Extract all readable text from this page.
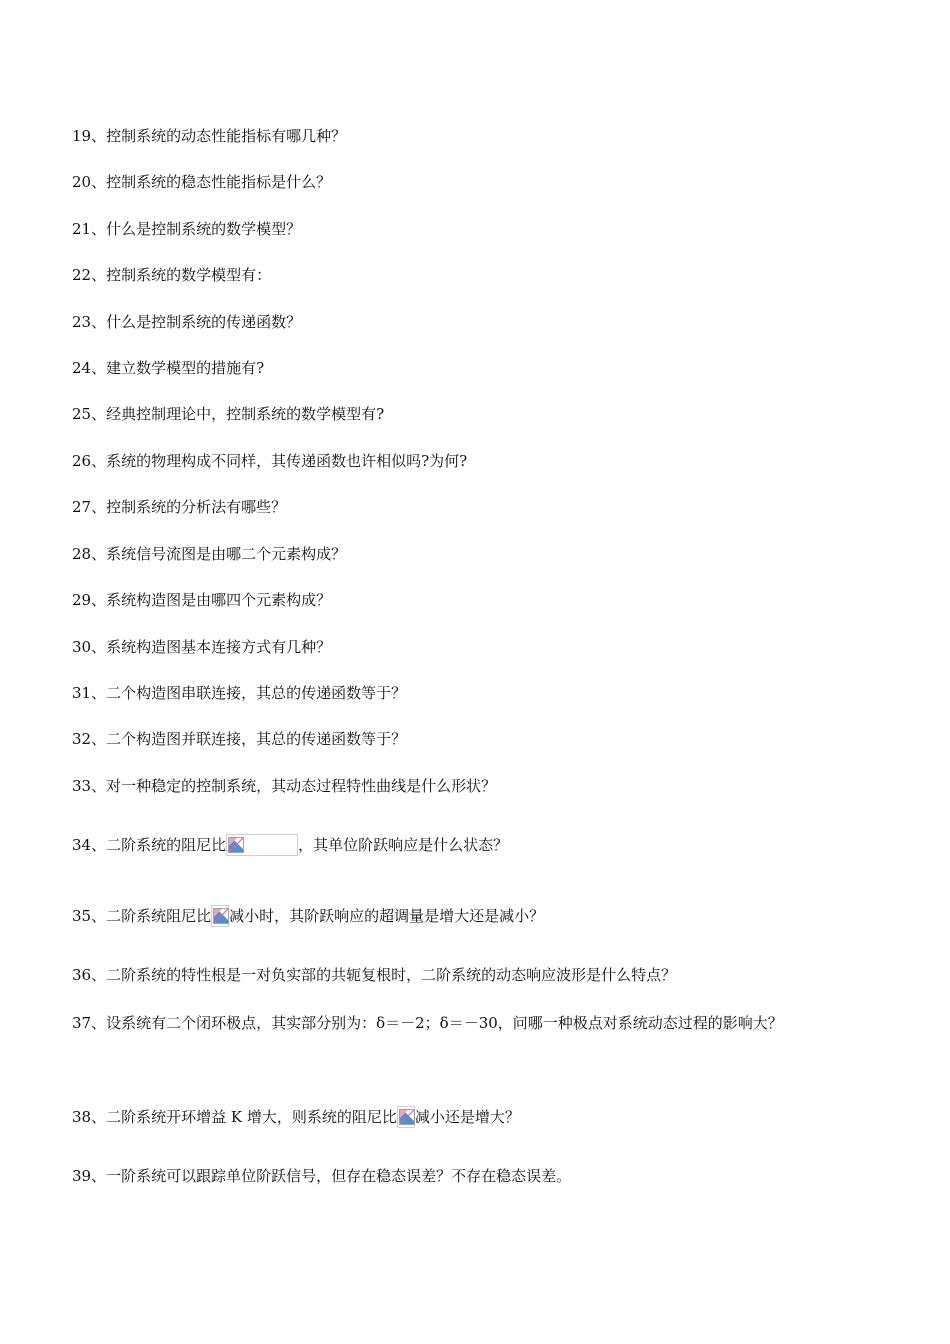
19、控制系统的动态性能指标有哪几种？
20、控制系统的稳态性能指标是什么？
21、什么是控制系统的数学模型？
22、控制系统的数学模型有：
23、什么是控制系统的传递函数？
24、建立数学模型的措施有?
25、经典控制理论中，控制系统的数学模型有?
26、系统的物理构成不同样，其传递函数也许相似吗?为何?
27、控制系统的分析法有哪些？
28、系统信号流图是由哪二个元素构成？
29、系统构造图是由哪四个元素构成？
30、系统构造图基本连接方式有几种？
31、二个构造图串联连接，其总的传递函数等于？
32、二个构造图并联连接，其总的传递函数等于？
33、对一种稳定的控制系统，其动态过程特性曲线是什么形状？
34、二阶系统的阻尼比	，其单位阶跃响应是什么状态？
35、二阶系统阻尼比 减小时，其阶跃响应的超调量是增大还是减小？
36、二阶系统的特性根是一对负实部的共轭复根时，二阶系统的动态响应波形是什么特点？
37、设系统有二个闭环极点，其实部分别为：δ＝－2；δ＝－30，问哪一种极点对系统动态过程的影响大？
38、二阶系统开环增益 K 增大，则系统的阻尼比 减小还是增大？
39、一阶系统可以跟踪单位阶跃信号，但存在稳态误差？不存在稳态误差。
